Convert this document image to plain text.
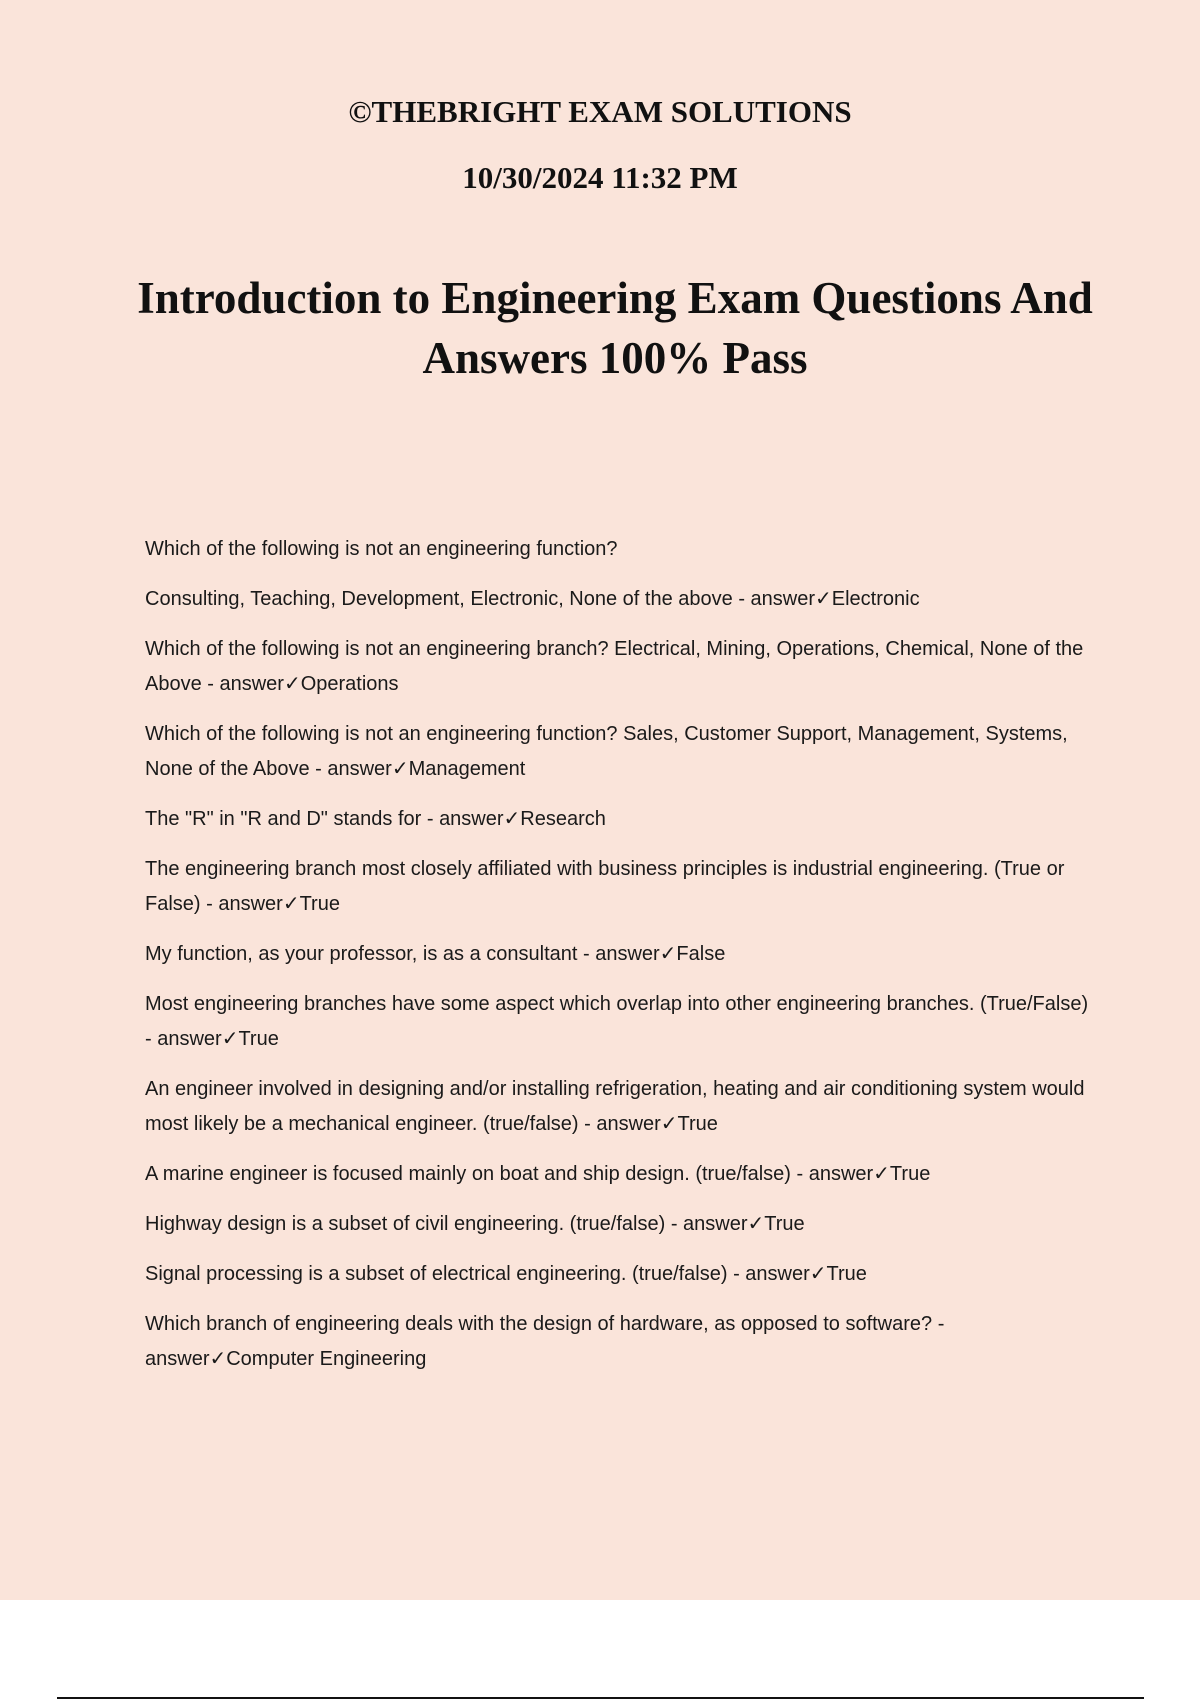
©THEBRIGHT EXAM SOLUTIONS

10/30/2024 11:32 PM

Introduction to Engineering Exam Questions And Answers 100% Pass
Which of the following is not an engineering function?
Consulting, Teaching, Development, Electronic, None of the above - answer✓Electronic
Which of the following is not an engineering branch? Electrical, Mining, Operations, Chemical, None of the Above - answer✓Operations
Which of the following is not an engineering function? Sales, Customer Support, Management, Systems, None of the Above - answer✓Management
The "R" in "R and D" stands for - answer✓Research
The engineering branch most closely affiliated with business principles is industrial engineering. (True or False) - answer✓True
My function, as your professor, is as a consultant - answer✓False
Most engineering branches have some aspect which overlap into other engineering branches. (True/False) - answer✓True
An engineer involved in designing and/or installing refrigeration, heating and air conditioning system would most likely be a mechanical engineer. (true/false) - answer✓True
A marine engineer is focused mainly on boat and ship design. (true/false) - answer✓True
Highway design is a subset of civil engineering. (true/false) - answer✓True
Signal processing is a subset of electrical engineering. (true/false) - answer✓True
Which branch of engineering deals with the design of hardware, as opposed to software? - answer✓Computer Engineering
